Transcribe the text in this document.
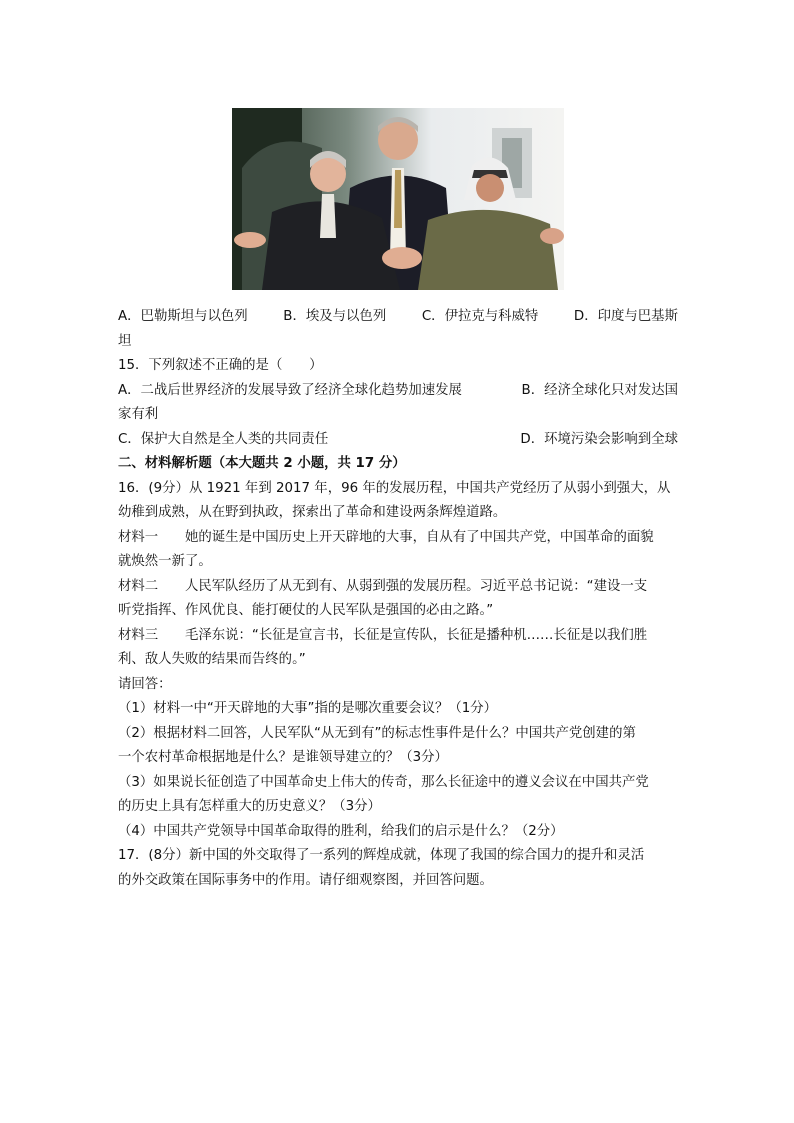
A．巴勒斯坦与以色列	B．埃及与以色列	C．伊拉克与科威特	D．印度与巴基斯
坦
15．下列叙述不正确的是（　　）
A．二战后世界经济的发展导致了经济全球化趋势加速发展	B．经济全球化只对发达国
家有利
C．保护大自然是全人类的共同责任	D．环境污染会影响到全球
二、材料解析题（本大题共 2 小题，共 17 分）
16．(9分）从 1921 年到 2017 年，96 年的发展历程，中国共产党经历了从弱小到强大，从
幼稚到成熟，从在野到执政，探索出了革命和建设两条辉煌道路。
材料一　　她的诞生是中国历史上开天辟地的大事，自从有了中国共产党，中国革命的面貌
就焕然一新了。
材料二　　人民军队经历了从无到有、从弱到强的发展历程。习近平总书记说：“建设一支
听党指挥、作风优良、能打硬仗的人民军队是强国的必由之路。”
材料三　　毛泽东说：“长征是宣言书，长征是宣传队，长征是播种机……长征是以我们胜
利、敌人失败的结果而告终的。”
请回答：
（1）材料一中“开天辟地的大事”指的是哪次重要会议？（1分）
（2）根据材料二回答，人民军队“从无到有”的标志性事件是什么？中国共产党创建的第
一个农村革命根据地是什么？是谁领导建立的？（3分）
（3）如果说长征创造了中国革命史上伟大的传奇，那么长征途中的遵义会议在中国共产党
的历史上具有怎样重大的历史意义？（3分）
（4）中国共产党领导中国革命取得的胜利，给我们的启示是什么？（2分）
17．(8分）新中国的外交取得了一系列的辉煌成就，体现了我国的综合国力的提升和灵活
的外交政策在国际事务中的作用。请仔细观察图，并回答问题。
